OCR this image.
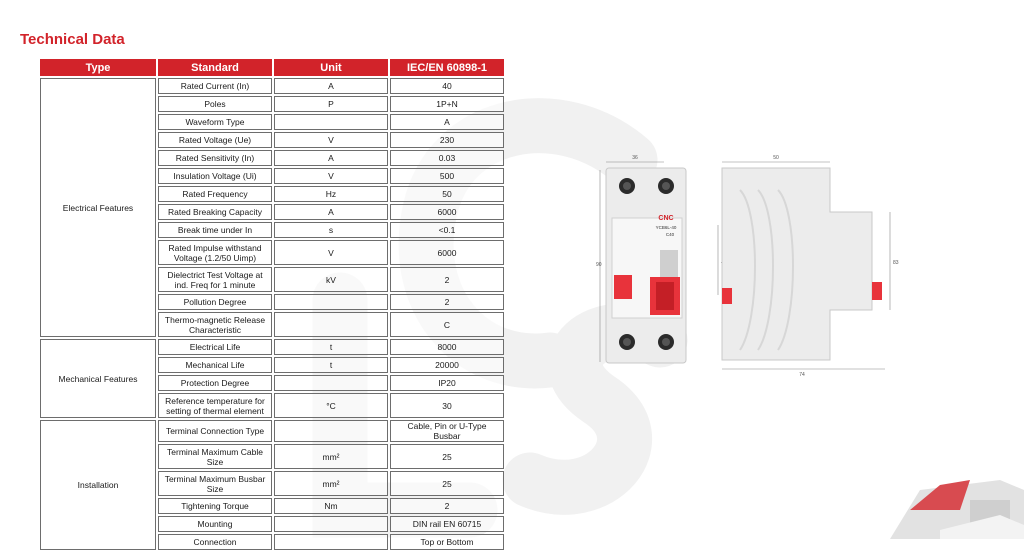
Technical Data
Type	Standard	Unit	IEC/EN 60898-1
Electrical Features	Rated Current (In)	A	40
	Poles	P	1P+N
	Waveform Type		A
	Rated Voltage (Ue)	V	230
	Rated Sensitivity (In)	A	0.03
	Insulation Voltage (Ui)	V	500
	Rated Frequency	Hz	50
	Rated Breaking Capacity	A	6000
	Break time under In	s	<0.1
	Rated Impulse withstand Voltage (1.2/50 Uimp)	V	6000
	Dielectrict Test Voltage at ind. Freq for 1 minute	kV	2
	Pollution Degree		2
	Thermo-magnetic Release Characteristic		C
Mechanical Features	Electrical Life	t	8000
	Mechanical Life	t	20000
	Protection Degree		IP20
	Reference temperature for setting of thermal element	°C	30
Installation	Terminal Connection Type		Cable, Pin or U-Type Busbar
	Terminal Maximum Cable Size	mm²	25
	Terminal Maximum Busbar Size	mm²	25
	Tightening Torque	Nm	2
	Mounting		DIN rail EN 60715
	Connection		Top or Bottom
36
90
CNC
YCB6L-40
C40
50
74
83
